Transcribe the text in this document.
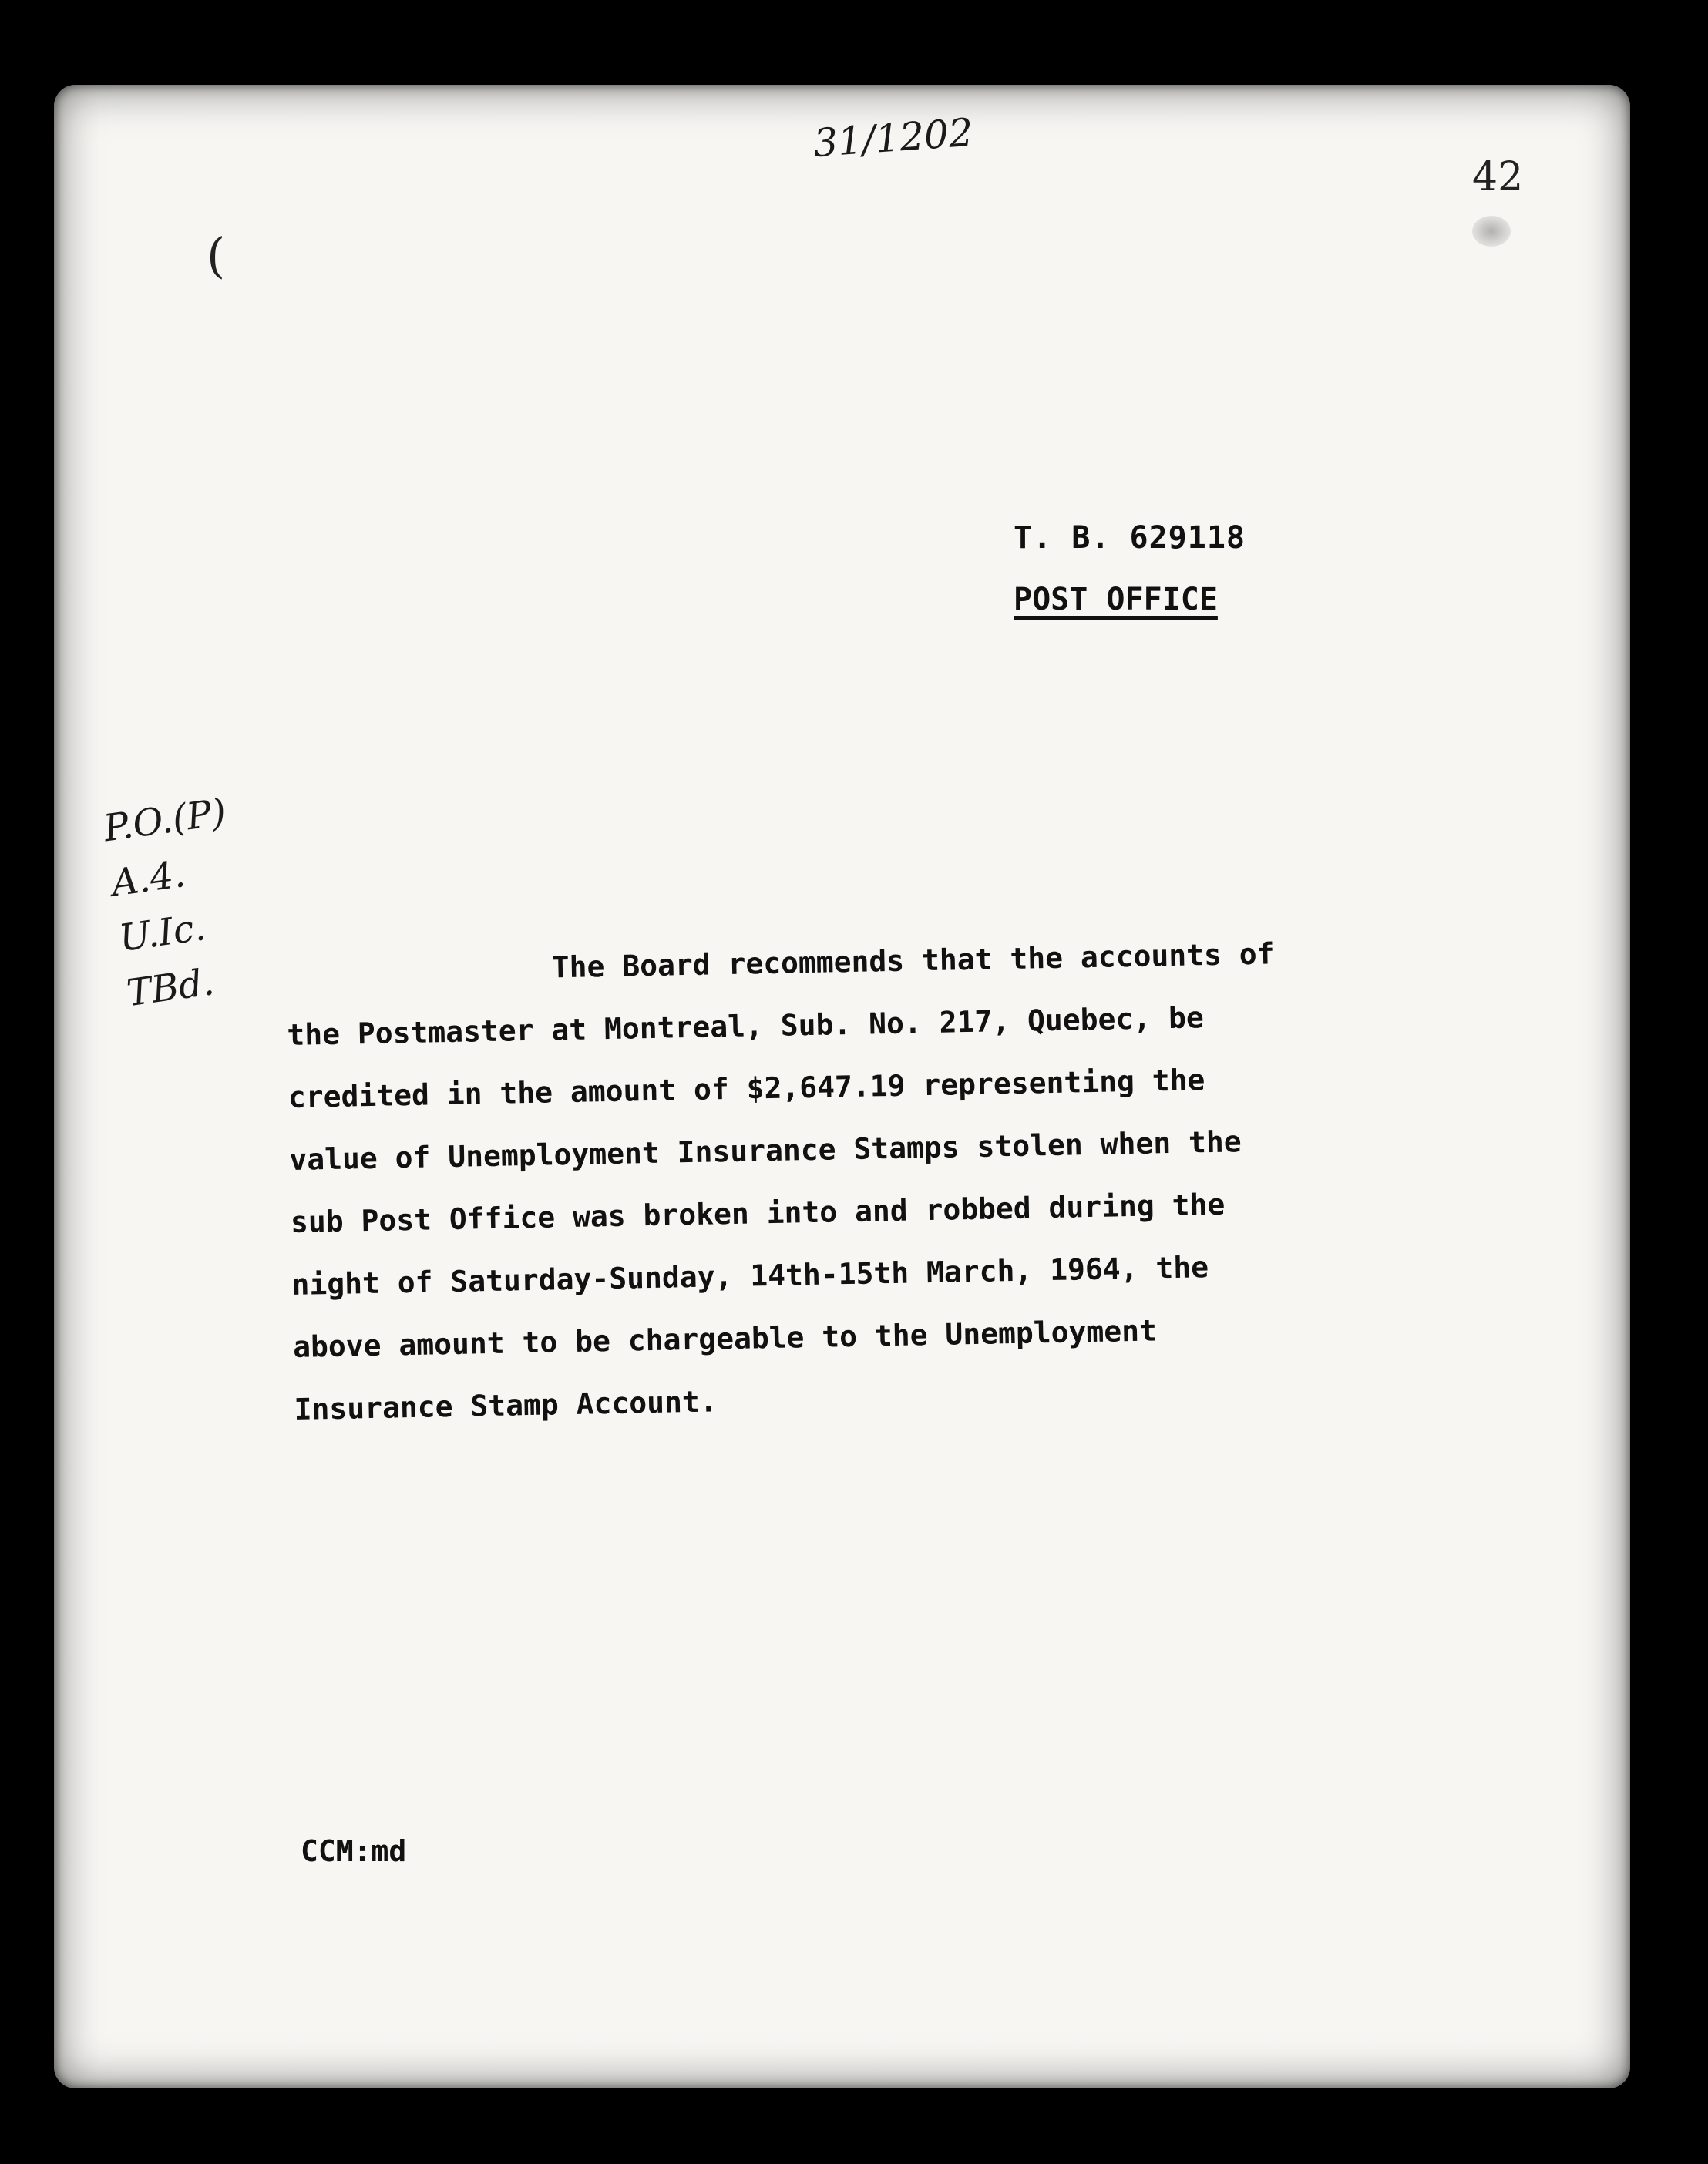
31/1202
42
(
T. B. 629118
POST OFFICE
P.O.(P)
A.4.
U.Ic.
TBd.	The Board recommends that the accounts of
the Postmaster at Montreal, Sub. No. 217, Quebec, be
credited in the amount of $2,647.19 representing the
value of Unemployment Insurance Stamps stolen when the
sub Post Office was broken into and robbed during the
night of Saturday-Sunday, 14th-15th March, 1964, the
above amount to be chargeable to the Unemployment
Insurance Stamp Account.
CCM:md
